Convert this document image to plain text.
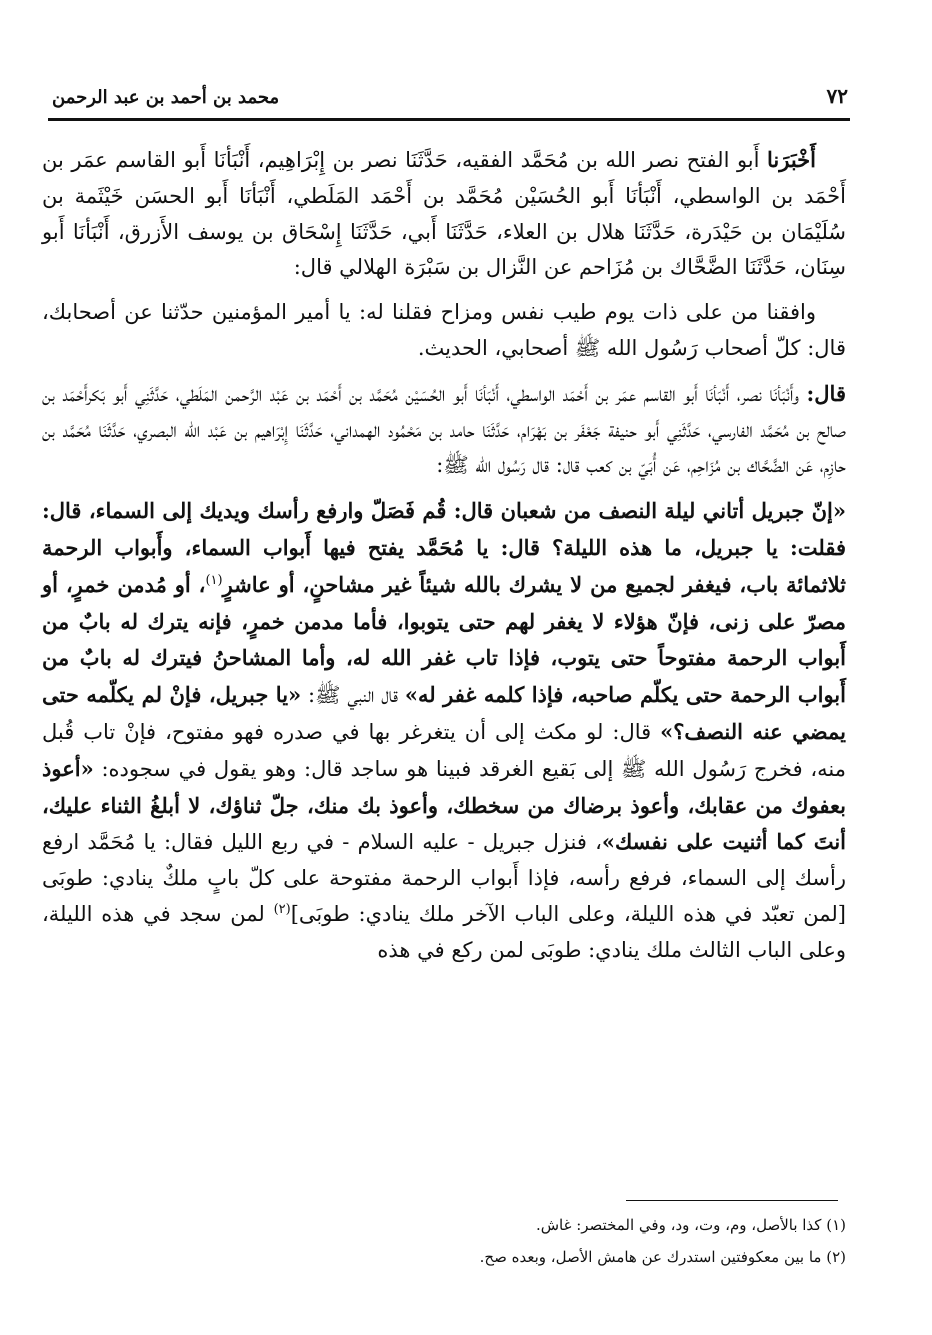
٧٢
محمد بن أحمد بن عبد الرحمن

أَخْبَرَنا أَبو الفتح نصر الله بن مُحَمَّد الفقيه، حَدَّثَنَا نصر بن إِبْرَاهِيم، أَنْبَأنَا أَبو القاسم عمَر بن أَحْمَد بن الواسطي، أَنْبَأنَا أَبو الحُسَيْن مُحَمَّد بن أَحْمَد المَلَطي، أَنْبَأنَا أَبو الحسَن خَيْثَمة بن سُلَيْمَان بن حَيْدَرة، حَدَّثَنَا هلال بن العلاء، حَدَّثَنَا أَبي، حَدَّثَنَا إِسْحَاق بن يوسف الأَزرق، أَنْبَأنَا أَبو سِنَان، حَدَّثَنَا الضَّحَّاك بن مُزَاحم عن النَّزال بن سَبْرَة الهلالي قال:

وافقنا من على ذات يوم طيب نفس ومزاح فقلنا له: يا أمير المؤمنين حدّثنا عن أصحابك، قال: كلّ أصحاب رَسُول الله ﷺ أصحابي، الحديث.

قال: وأَنْبَأنَا نصر، أَنْبَأنَا أَبو القاسم عمَر بن أَحْمَد الواسطي، أَنْبَأنَا أَبو الحُسَيْن مُحَمَّد بن أَحْمَد بن عَبْد الرَّحمن المَلَطي، حَدَّثَنِي أَبو بَكرأَحْمَد بن صالح بن مُحَمَّد الفارسي، حَدَّثَنِي أَبو حنيفة جَعْفَر بن بَهْرَام، حَدَّثَنَا حامد بن مَحْمُود الهمداني، حَدَّثَنَا إِبْرَاهيم بن عَبْد الله البصري، حَدَّثَنَا مُحَمَّد بن حازِم، عَن الضَّحَّاك بن مُزَاحِم، عَن أُبَيّ بن كعب قال: قال رَسُول الله ﷺ:

«إنّ جبريل أتاني ليلة النصف من شعبان قال: قُم فَصَلّ وارفع رأسك ويديك إلى السماء، قال: فقلت: يا جبريل، ما هذه الليلة؟ قال: يا مُحَمَّد يفتح فيها أَبواب السماء، وأَبواب الرحمة ثلاثمائة باب، فيغفر لجميع من لا يشرك بالله شيئاً غير مشاحنٍ، أو عاشرٍ$^{(١)}$، أو مُدمن خمرٍ، أو مصرّ على زنى، فإنّ هؤلاء لا يغفر لهم حتى يتوبوا، فأما مدمن خمرٍ، فإنه يترك له بابٌ من أَبواب الرحمة مفتوحاً حتى يتوب، فإذا تاب غفر الله له، وأما المشاحنُ فيترك له بابٌ من أَبواب الرحمة حتى يكلّم صاحبه، فإذا كلمه غفر له» قال النبي ﷺ: «يا جبريل، فإنْ لم يكلّمه حتى يمضي عنه النصف؟» قال: لو مكث إلى أن يتغرغر بها في صدره فهو مفتوح، فإنْ تاب قُبل منه، فخرج رَسُول الله ﷺ إلى بَقيع الغرقد فبينا هو ساجد قال: وهو يقول في سجوده: «أعوذ بعفوك من عقابك، وأعوذ برضاك من سخطك، وأعوذ بك منك، جلّ ثناؤك، لا أبلغُ الثناء عليك، أنتَ كما أثنيت على نفسك»، فنزل جبريل - عليه السلام - في ربع الليل فقال: يا مُحَمَّد ارفع رأسك إلى السماء، فرفع رأسه، فإذا أَبواب الرحمة مفتوحة على كلّ بابٍ ملكٌ ينادي: طوبَى [لمن تعبّد في هذه الليلة، وعلى الباب الآخر ملك ينادي: طوبَى]$^{(٢)}$ لمن سجد في هذه الليلة، وعلى الباب الثالث ملك ينادي: طوبَى لمن ركع في هذه

(١) كذا بالأصل، وم، وت، ود، وفي المختصر: غاش.

(٢) ما بين معكوفتين استدرك عن هامش الأصل، وبعده صح.
